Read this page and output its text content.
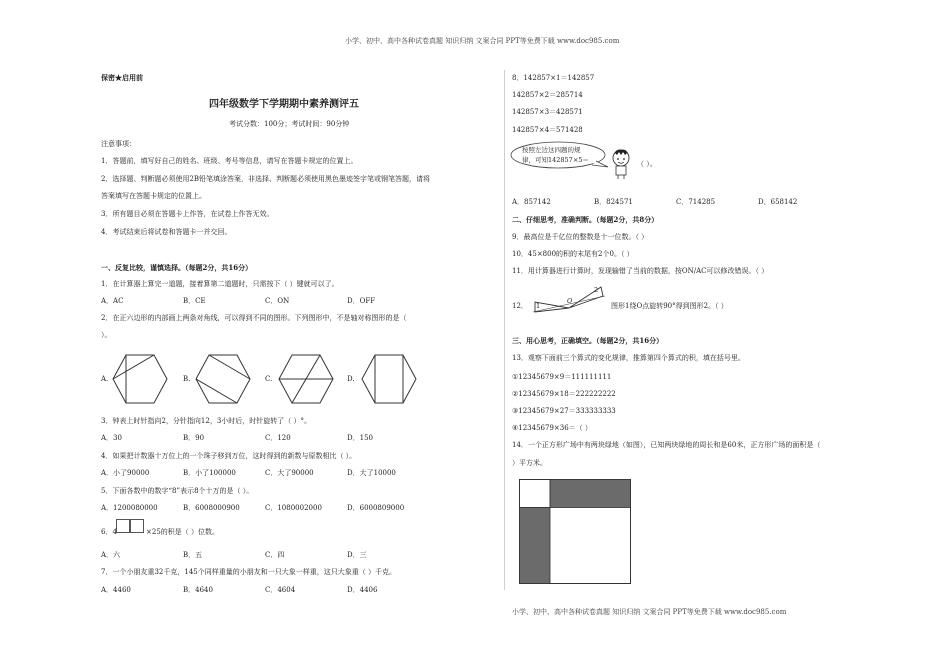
小学、初中、高中各种试卷真题 知识归纳 文案合同 PPT等免费下载 www.doc985.com
小学、初中、高中各种试卷真题 知识归纳 文案合同 PPT等免费下载 www.doc985.com
保密★启用前
四年级数学下学期期中素养测评五
考试分数：100分；考试时间：90分钟
注意事项：
1．答题前，填写好自己的姓名、班级、考号等信息，请写在答题卡规定的位置上。
2．选择题、判断题必须使用2B铅笔填涂答案，非选择、判断题必须使用黑色墨迹签字笔或钢笔答题，请将
答案填写在答题卡规定的位置上。
3．所有题目必须在答题卡上作答，在试卷上作答无效。
4．考试结束后将试卷和答题卡一并交回。
一、反复比较，谨慎选择。（每题2分，共16分）
1．在计算器上算完一道题，接着算第二道题时，只需按下（ ）键就可以了。
A．AC	B．CE	C．ON	D．OFF
2．在正六边形的内部画上两条对角线，可以得到不同的图形。下列图形中，不是轴对称图形的是（
）。
A.	B.	C.	D.
3．钟表上时针指向2，分针指向12，3小时后，时针旋转了（ ）°。
A．30	B．90	C．120	D．150
4．如果把计数器十万位上的一个珠子移到万位，这时得到的新数与原数相比（ ）。
A．小了90000	B．小了100000	C．大了90000	D．大了10000
5．下面各数中的数字“8”表示8个十万的是（ ）。
A．1200080000	B．6008000900	C．1080002000	D．6000809000
6．4	×25的积是（ ）位数。
A．六	B．五	C．四	D．三
7．一个小朋友重32千克，145个同样重量的小朋友和一只大象一样重，这只大象重（ ）千克。
A．4460	B．4640	C．4604	D．4406
8．142857×1＝142857
142857×2＝285714
142857×3＝428571
142857×4＝571428
按照左边这四题的规
律，可知142857×5＝	（ ）。
A．857142	B．824571	C．714285	D．658142
二、仔细思考，准确判断。（每题2分，共8分）
9．最高位是千亿位的整数是十一位数。（ ）
10．45×800的积的末尾有2个0。（ ）
11．用计算器进行计算时，发现输错了当前的数据，按ON/AC可以修改错误。（ ）
12． 1
O
2
图形1绕O点旋转90°得到图形2。（ ）
三、用心思考，正确填空。（每题2分，共16分）
13．观察下面前三个算式的变化规律，推算第四个算式的积，填在括号里。
①12345679×9＝111111111
②12345679×18＝222222222
③12345679×27＝333333333
④12345679×36＝（ ）
14．一个正方形广场中有两块绿地（如图），已知两块绿地的周长和是60米，正方形广场的面积是（
）平方米。
